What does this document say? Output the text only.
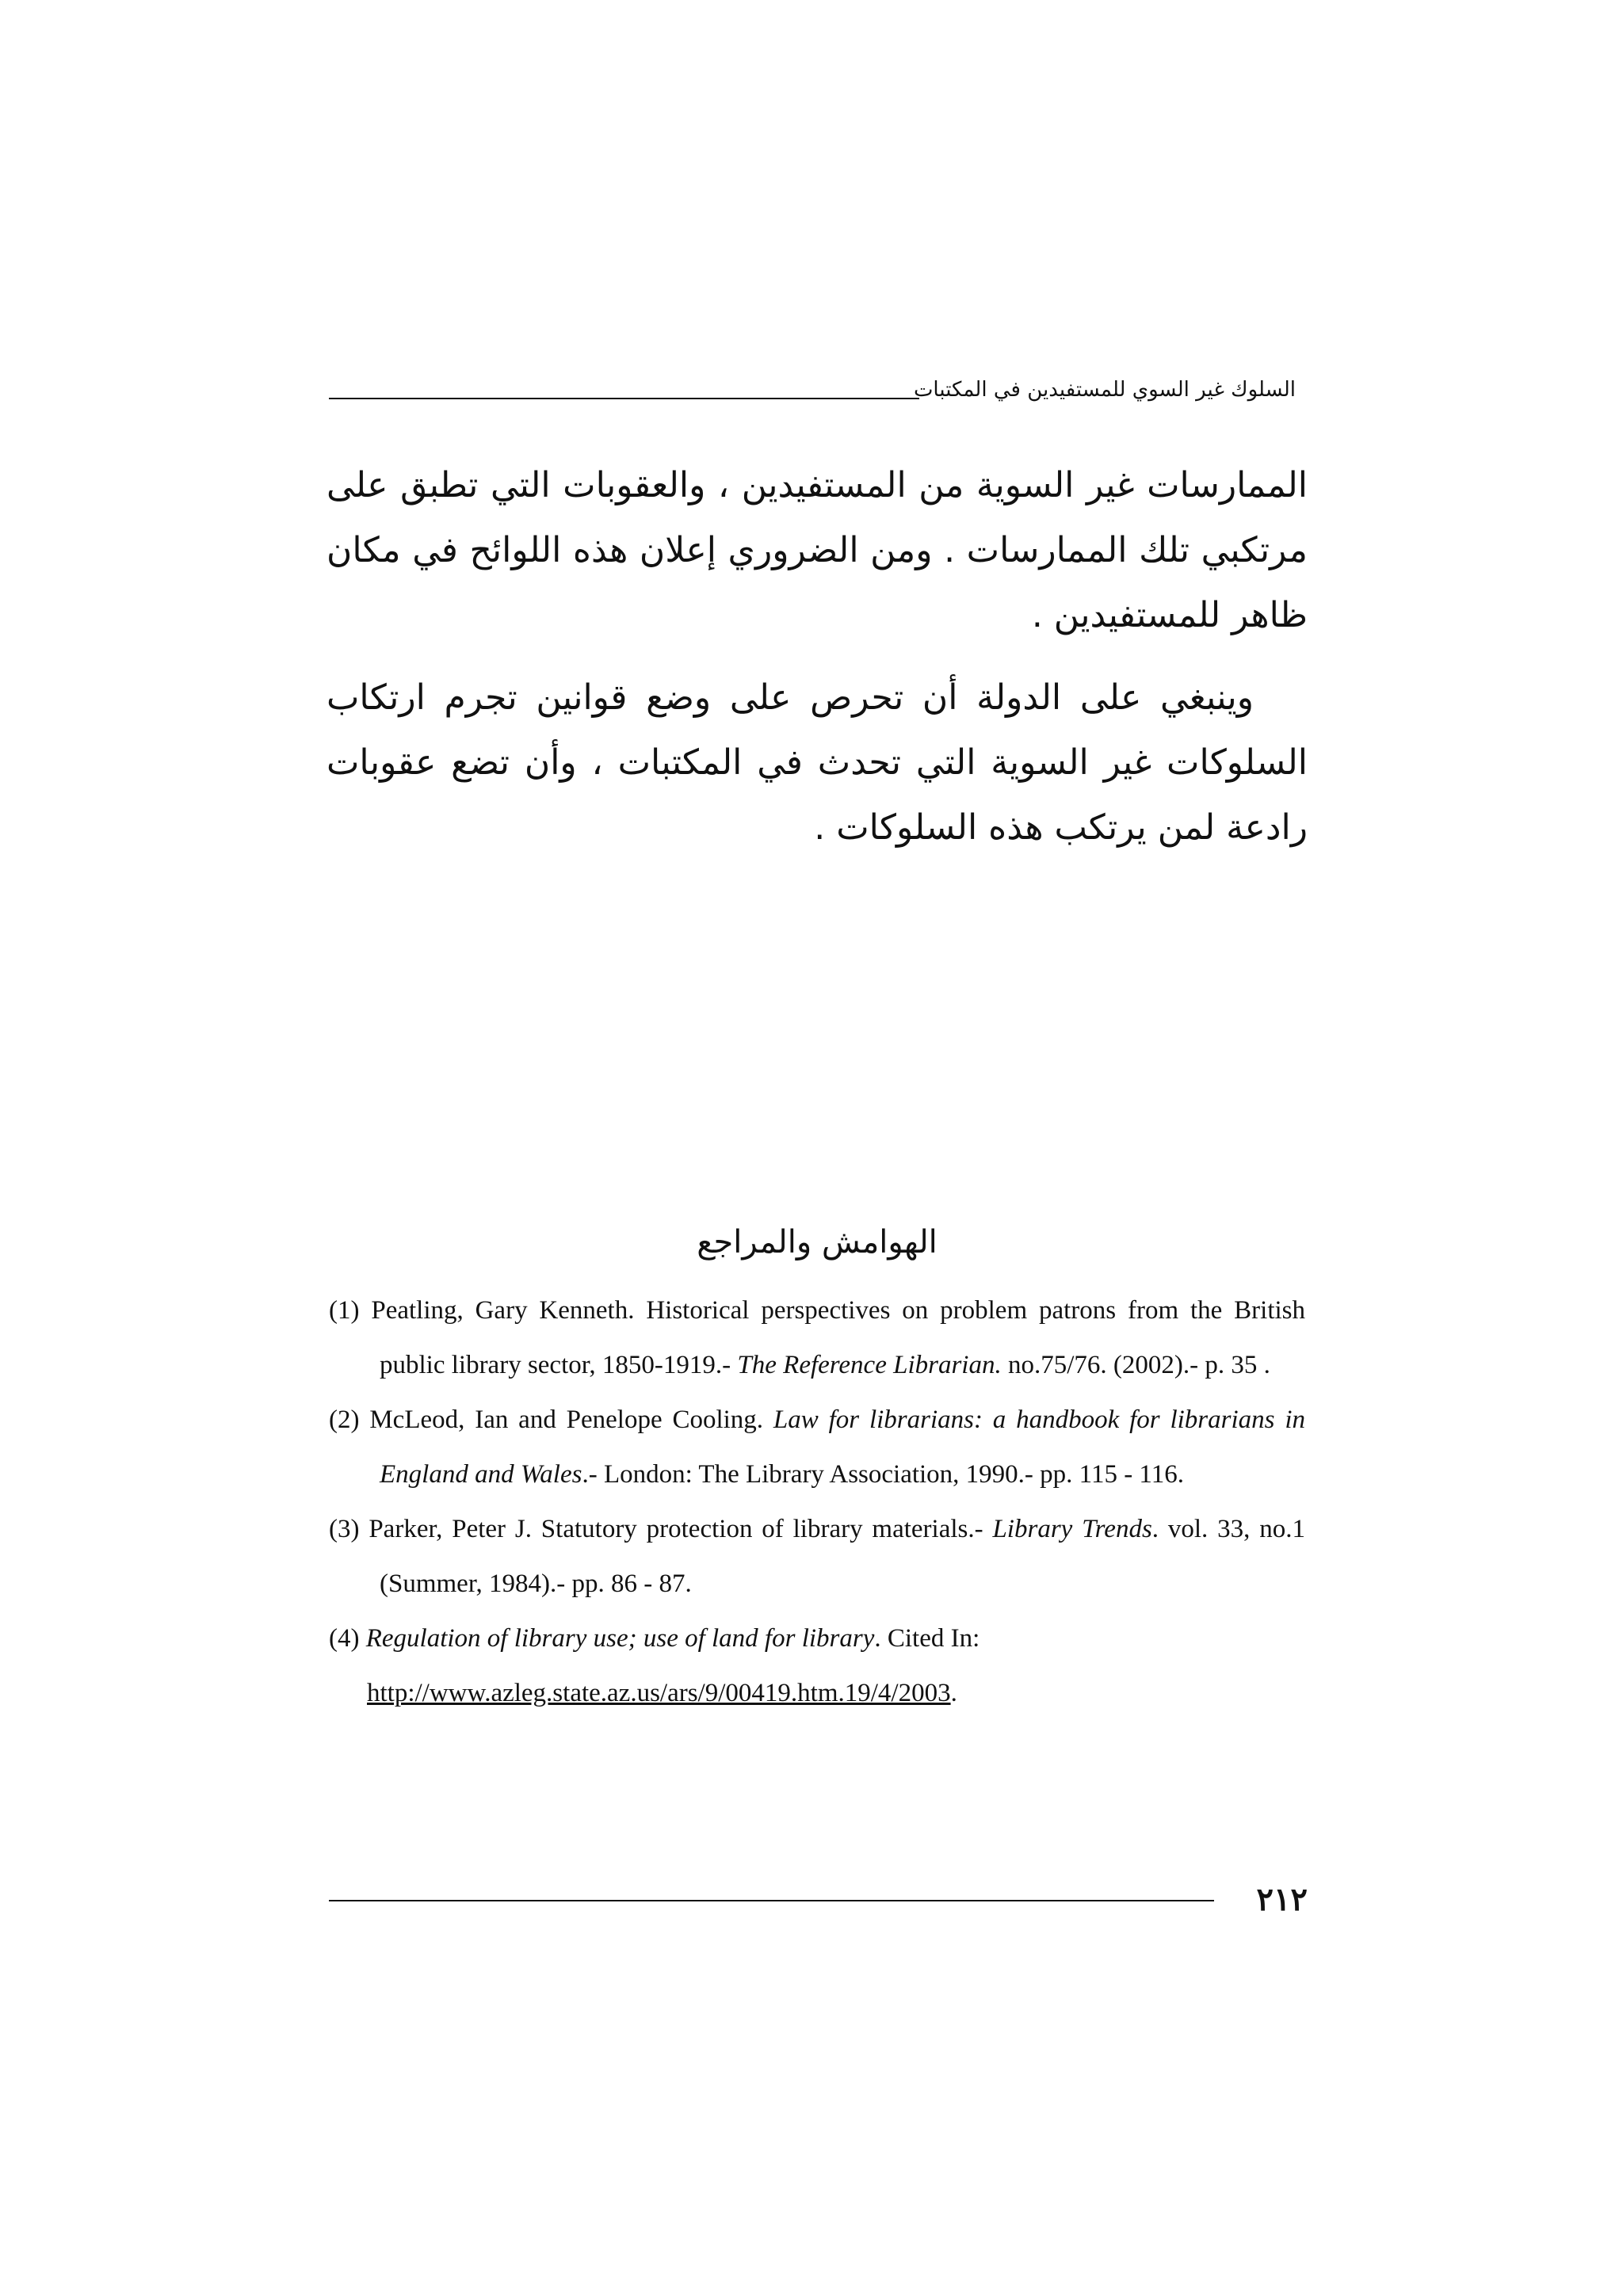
السلوك غير السوي للمستفيدين في المكتبات

الممارسات غير السوية من المستفيدين ، والعقوبات التي تطبق على مرتكبي تلك الممارسات . ومن الضروري إعلان هذه اللوائح في مكان ظاهر للمستفيدين .

وينبغي على الدولة أن تحرص على وضع قوانين تجرم ارتكاب السلوكات غير السوية التي تحدث في المكتبات ، وأن تضع عقوبات رادعة لمن يرتكب هذه السلوكات .

الهوامش والمراجع
(1) Peatling, Gary Kenneth. Historical perspectives on problem patrons from the British public library sector, 1850-1919.- The Reference Librarian. no.75/76. (2002).- p. 35 .
(2) McLeod, Ian and Penelope Cooling. Law for librarians: a handbook for librarians in England and Wales.- London: The Library Association, 1990.- pp. 115 - 116.
(3) Parker, Peter J. Statutory protection of library materials.- Library Trends. vol. 33, no.1 (Summer, 1984).- pp. 86 - 87.
(4) Regulation of library use; use of land for library. Cited In:
http://www.azleg.state.az.us/ars/9/00419.htm.19/4/2003.
٢١٢
